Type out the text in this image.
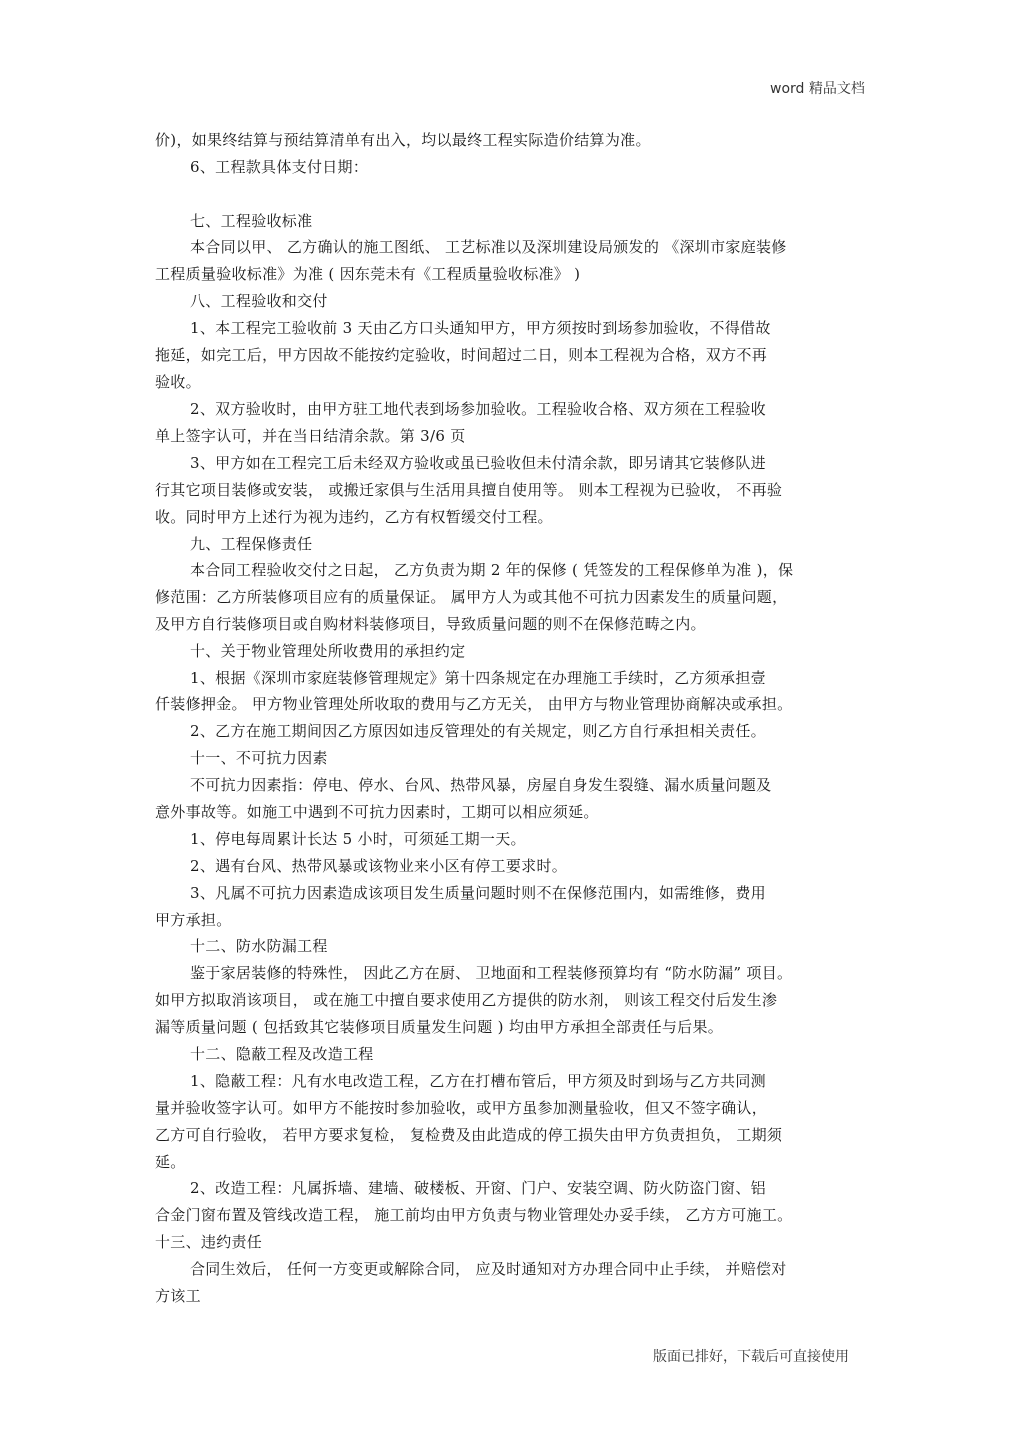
word 精品文档
价)，如果终结算与预结算清单有出入，均以最终工程实际造价结算为准。
6、工程款具体支付日期：
七、工程验收标准
本合同以甲、 乙方确认的施工图纸、 工艺标准以及深圳建设局颁发的 《深圳市家庭装修
工程质量验收标准》为准 ( 因东莞未有《工程质量验收标准》 )
八、工程验收和交付
1、本工程完工验收前 3 天由乙方口头通知甲方，甲方须按时到场参加验收，不得借故
拖延，如完工后，甲方因故不能按约定验收，时间超过二日，则本工程视为合格，双方不再
验收。
2、双方验收时，由甲方驻工地代表到场参加验收。工程验收合格、双方须在工程验收
单上签字认可，并在当日结清余款。第 3/6 页
3、甲方如在工程完工后未经双方验收或虽已验收但未付清余款，即另请其它装修队进
行其它项目装修或安装， 或搬迁家俱与生活用具擅自使用等。 则本工程视为已验收， 不再验
收。同时甲方上述行为视为违约，乙方有权暂缓交付工程。
九、工程保修责任
本合同工程验收交付之日起， 乙方负责为期 2 年的保修 ( 凭签发的工程保修单为准 )，保
修范围：乙方所装修项目应有的质量保证。 属甲方人为或其他不可抗力因素发生的质量问题，
及甲方自行装修项目或自购材料装修项目，导致质量问题的则不在保修范畴之内。
十、关于物业管理处所收费用的承担约定
1、根据《深圳市家庭装修管理规定》第十四条规定在办理施工手续时，乙方须承担壹
仟装修押金。 甲方物业管理处所收取的费用与乙方无关， 由甲方与物业管理协商解决或承担。
2、乙方在施工期间因乙方原因如违反管理处的有关规定，则乙方自行承担相关责任。
十一、不可抗力因素
不可抗力因素指：停电、停水、台风、热带风暴，房屋自身发生裂缝、漏水质量问题及
意外事故等。如施工中遇到不可抗力因素时，工期可以相应须延。
1、停电每周累计长达 5 小时，可须延工期一天。
2、遇有台风、热带风暴或该物业来小区有停工要求时。
3、凡属不可抗力因素造成该项目发生质量问题时则不在保修范围内，如需维修，费用
甲方承担。
十二、防水防漏工程
鉴于家居装修的特殊性， 因此乙方在厨、 卫地面和工程装修预算均有 “防水防漏” 项目。
如甲方拟取消该项目， 或在施工中擅自要求使用乙方提供的防水剂， 则该工程交付后发生渗
漏等质量问题 ( 包括致其它装修项目质量发生问题 ) 均由甲方承担全部责任与后果。
十二、隐蔽工程及改造工程
1、隐蔽工程：凡有水电改造工程，乙方在打槽布管后，甲方须及时到场与乙方共同测
量并验收签字认可。如甲方不能按时参加验收，或甲方虽参加测量验收，但又不签字确认，
乙方可自行验收， 若甲方要求复检， 复检费及由此造成的停工损失由甲方负责担负， 工期须
延。
2、改造工程：凡属拆墙、建墙、破楼板、开窗、门户、安装空调、防火防盗门窗、铝
合金门窗布置及管线改造工程， 施工前均由甲方负责与物业管理处办妥手续， 乙方方可施工。
十三、违约责任
合同生效后， 任何一方变更或解除合同， 应及时通知对方办理合同中止手续， 并赔偿对
方该工
版面已排好，下载后可直接使用
